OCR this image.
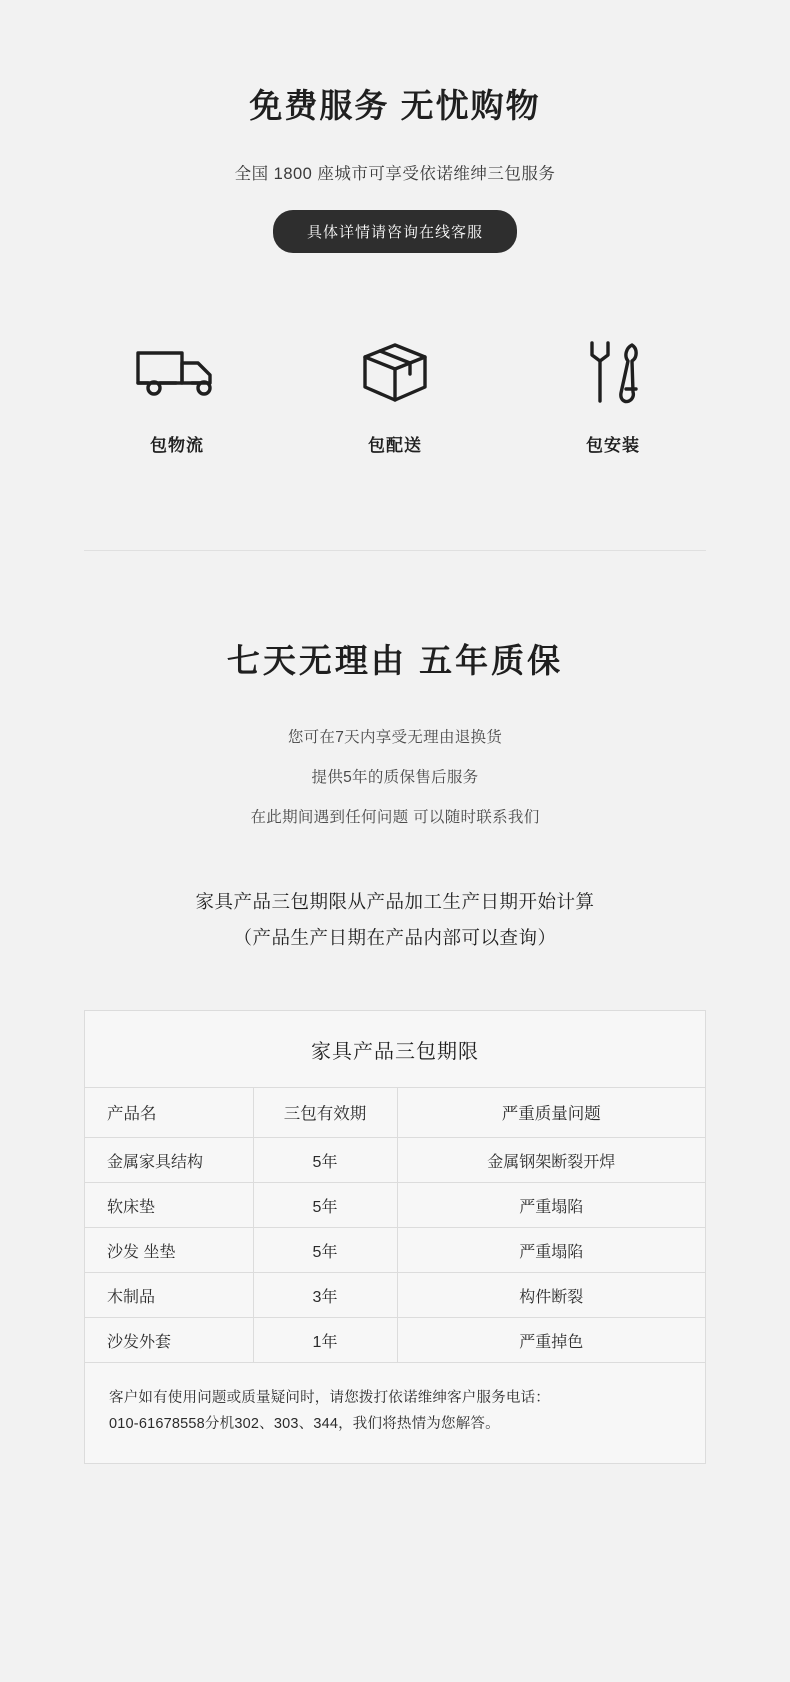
免费服务 无忧购物
全国 1800 座城市可享受依诺维绅三包服务
具体详情请咨询在线客服
包物流	包配送	包安装
七天无理由 五年质保
您可在7天内享受无理由退换货
提供5年的质保售后服务
在此期间遇到任何问题 可以随时联系我们
家具产品三包期限从产品加工生产日期开始计算
（产品生产日期在产品内部可以查询）
家具产品三包期限
产品名	三包有效期	严重质量问题
金属家具结构	5年	金属钢架断裂开焊
软床垫	5年	严重塌陷
沙发 坐垫	5年	严重塌陷
木制品	3年	构件断裂
沙发外套	1年	严重掉色
客户如有使用问题或质量疑问时，请您拨打依诺维绅客户服务电话：
010-61678558分机302、303、344，我们将热情为您解答。
